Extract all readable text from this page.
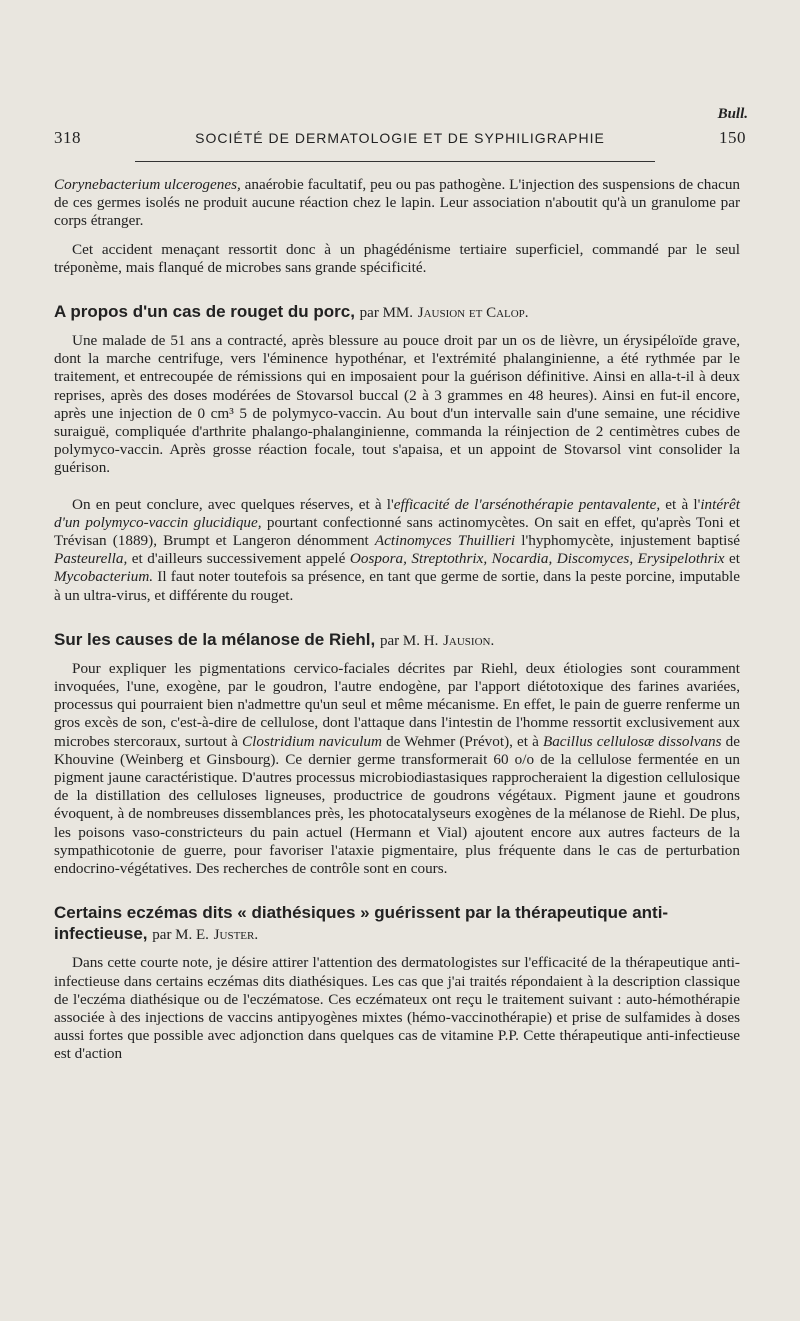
Bull.
318	SOCIÉTÉ DE DERMATOLOGIE ET DE SYPHILIGRAPHIE	150

Corynebacterium ulcerogenes, anaérobie facultatif, peu ou pas pathogène. L'injection des suspensions de chacun de ces germes isolés ne produit aucune réaction chez le lapin. Leur association n'aboutit qu'à un granulome par corps étranger.

Cet accident menaçant ressortit donc à un phagédénisme tertiaire superficiel, commandé par le seul tréponème, mais flanqué de microbes sans grande spécificité.

A propos d'un cas de rouget du porc, par MM. Jausion et Calop.

Une malade de 51 ans a contracté, après blessure au pouce droit par un os de lièvre, un érysipéloïde grave, dont la marche centrifuge, vers l'éminence hypothénar, et l'extrémité phalanginienne, a été rythmée par le traitement, et entrecoupée de rémissions qui en imposaient pour la guérison définitive. Ainsi en alla-t-il à deux reprises, après des doses modérées de Stovarsol buccal (2 à 3 grammes en 48 heures). Ainsi en fut-il encore, après une injection de 0 cm³ 5 de polymyco-vaccin. Au bout d'un intervalle sain d'une semaine, une récidive suraiguë, compliquée d'arthrite phalango-phalanginienne, commanda la réinjection de 2 centimètres cubes de polymyco-vaccin. Après grosse réaction focale, tout s'apaisa, et un appoint de Stovarsol vint consolider la guérison.

On en peut conclure, avec quelques réserves, et à l'efficacité de l'arsénothérapie pentavalente, et à l'intérêt d'un polymyco-vaccin glucidique, pourtant confectionné sans actinomycètes. On sait en effet, qu'après Toni et Trévisan (1889), Brumpt et Langeron dénomment Actinomyces Thuillieri l'hyphomycète, injustement baptisé Pasteurella, et d'ailleurs successivement appelé Oospora, Streptothrix, Nocardia, Discomyces, Erysipelothrix et Mycobacterium. Il faut noter toutefois sa présence, en tant que germe de sortie, dans la peste porcine, imputable à un ultra-virus, et différente du rouget.

Sur les causes de la mélanose de Riehl, par M. H. Jausion.

Pour expliquer les pigmentations cervico-faciales décrites par Riehl, deux étiologies sont couramment invoquées, l'une, exogène, par le goudron, l'autre endogène, par l'apport diétotoxique des farines avariées, processus qui pourraient bien n'admettre qu'un seul et même mécanisme. En effet, le pain de guerre renferme un gros excès de son, c'est-à-dire de cellulose, dont l'attaque dans l'intestin de l'homme ressortit exclusivement aux microbes stercoraux, surtout à Clostridium naviculum de Wehmer (Prévot), et à Bacillus cellulosæ dissolvans de Khouvine (Weinberg et Ginsbourg). Ce dernier germe transformerait 60 o/o de la cellulose fermentée en un pigment jaune caractéristique. D'autres processus microbiodiastasiques rapprocheraient la digestion cellulosique de la distillation des celluloses ligneuses, productrice de goudrons végétaux. Pigment jaune et goudrons évoquent, à de nombreuses dissemblances près, les photocatalyseurs exogènes de la mélanose de Riehl. De plus, les poisons vaso-constricteurs du pain actuel (Hermann et Vial) ajoutent encore aux autres facteurs de la sympathicotonie de guerre, pour favoriser l'ataxie pigmentaire, plus fréquente dans le cas de perturbation endocrino-végétatives. Des recherches de contrôle sont en cours.

Certains eczémas dits « diathésiques » guérissent par la thérapeutique anti-infectieuse, par M. E. Juster.

Dans cette courte note, je désire attirer l'attention des dermatologistes sur l'efficacité de la thérapeutique anti-infectieuse dans certains eczémas dits diathésiques. Les cas que j'ai traités répondaient à la description classique de l'eczéma diathésique ou de l'eczématose. Ces eczémateux ont reçu le traitement suivant : auto-hémothérapie associée à des injections de vaccins antipyogènes mixtes (hémo-vaccinothérapie) et prise de sulfamides à doses aussi fortes que possible avec adjonction dans quelques cas de vitamine P.P. Cette thérapeutique anti-infectieuse est d'action
